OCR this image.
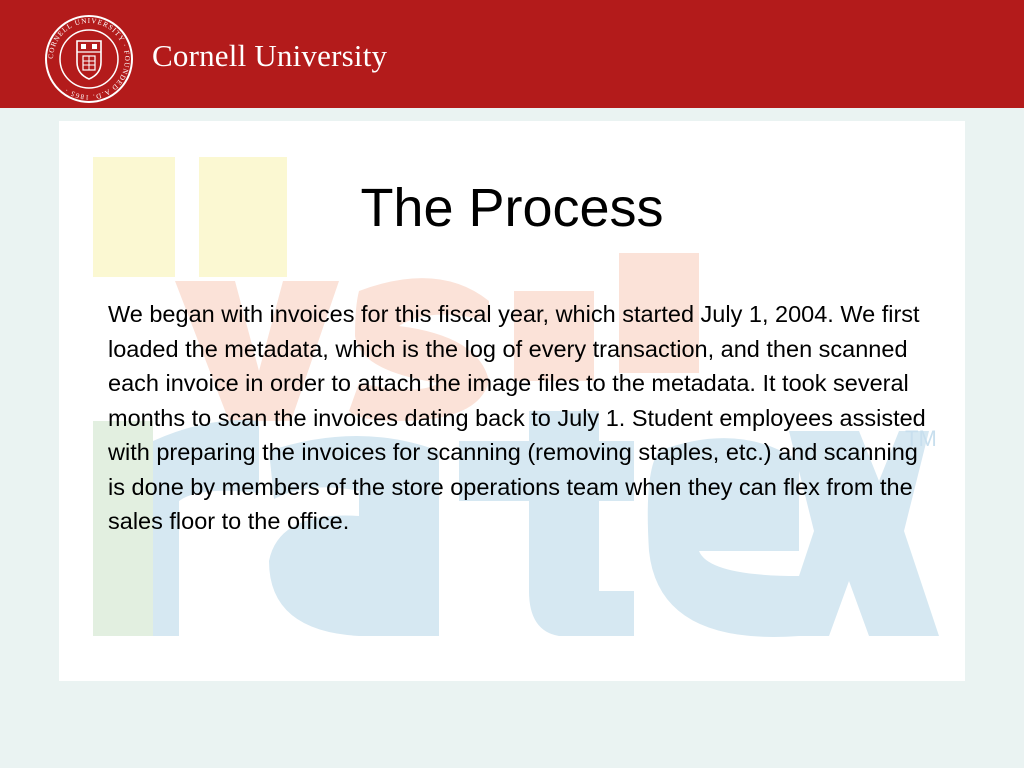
CORNELL UNIVERSITY · FOUNDED A.D. 1865 ·
Cornell University
TM
The Process

We began with invoices for this fiscal year, which started July 1, 2004. We first loaded the metadata, which is the log of every transaction, and then scanned each invoice in order to attach the image files to the metadata. It took several months to scan the invoices dating back to July 1. Student employees assisted with preparing the invoices for scanning (removing staples, etc.) and scanning is done by members of the store operations team when they can flex from the sales floor to the office.
